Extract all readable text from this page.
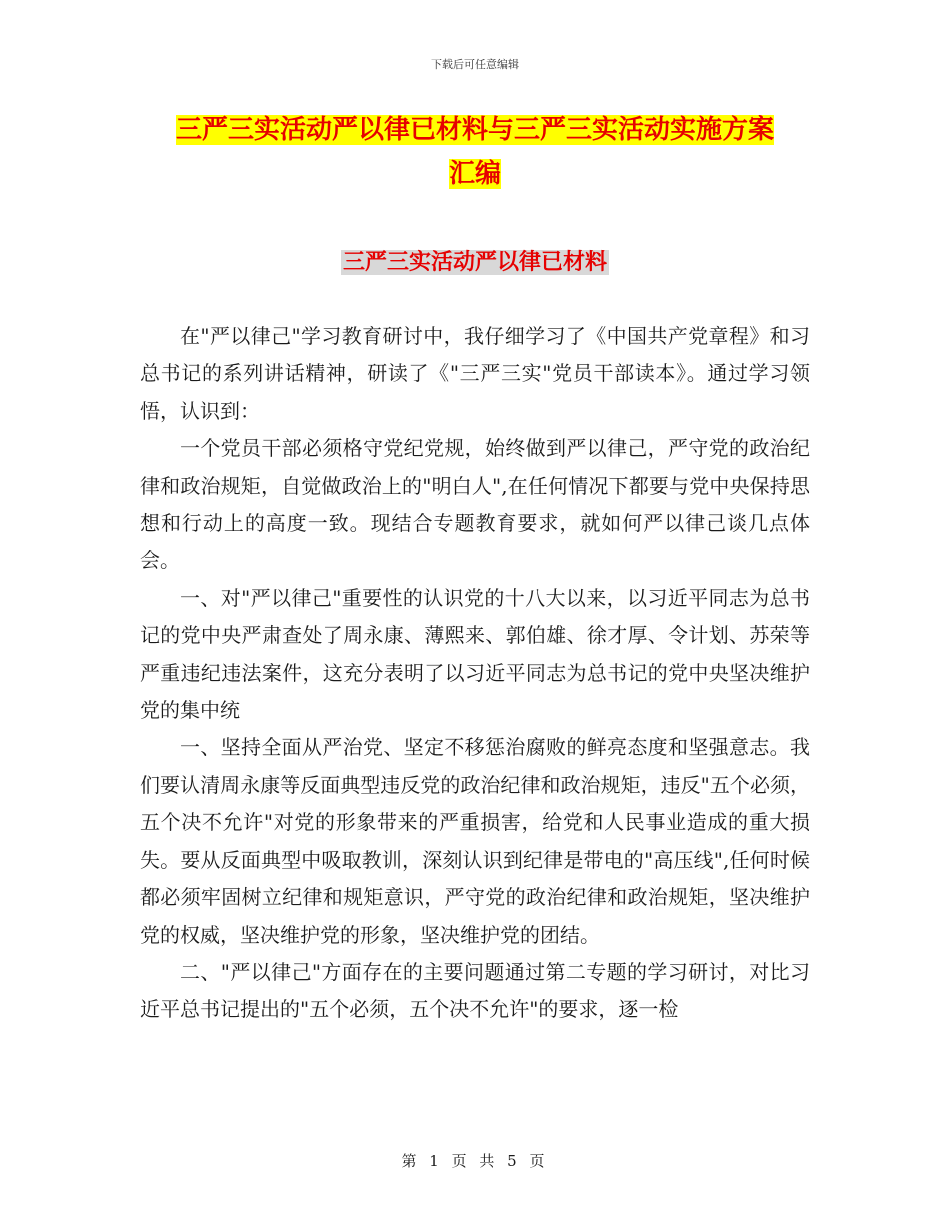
下载后可任意编辑
三严三实活动严以律已材料与三严三实活动实施方案
汇编
三严三实活动严以律已材料

在"严以律己"学习教育研讨中，我仔细学习了《中国共产党章程》和习总书记的系列讲话精神，研读了《"三严三实"党员干部读本》。通过学习领悟，认识到：

一个党员干部必须格守党纪党规，始终做到严以律己，严守党的政治纪律和政治规矩，自觉做政治上的"明白人",在任何情况下都要与党中央保持思想和行动上的高度一致。现结合专题教育要求，就如何严以律己谈几点体会。

一、对"严以律己"重要性的认识党的十八大以来，以习近平同志为总书记的党中央严肃查处了周永康、薄熙来、郭伯雄、徐才厚、令计划、苏荣等严重违纪违法案件，这充分表明了以习近平同志为总书记的党中央坚决维护党的集中统

一、坚持全面从严治党、坚定不移惩治腐败的鲜亮态度和坚强意志。我们要认清周永康等反面典型违反党的政治纪律和政治规矩，违反"五个必须，五个决不允许"对党的形象带来的严重损害，给党和人民事业造成的重大损失。要从反面典型中吸取教训，深刻认识到纪律是带电的"高压线",任何时候都必须牢固树立纪律和规矩意识，严守党的政治纪律和政治规矩，坚决维护党的权威，坚决维护党的形象，坚决维护党的团结。

二、"严以律己"方面存在的主要问题通过第二专题的学习研讨，对比习近平总书记提出的"五个必须，五个决不允许"的要求，逐一检

第 1 页 共 5 页
